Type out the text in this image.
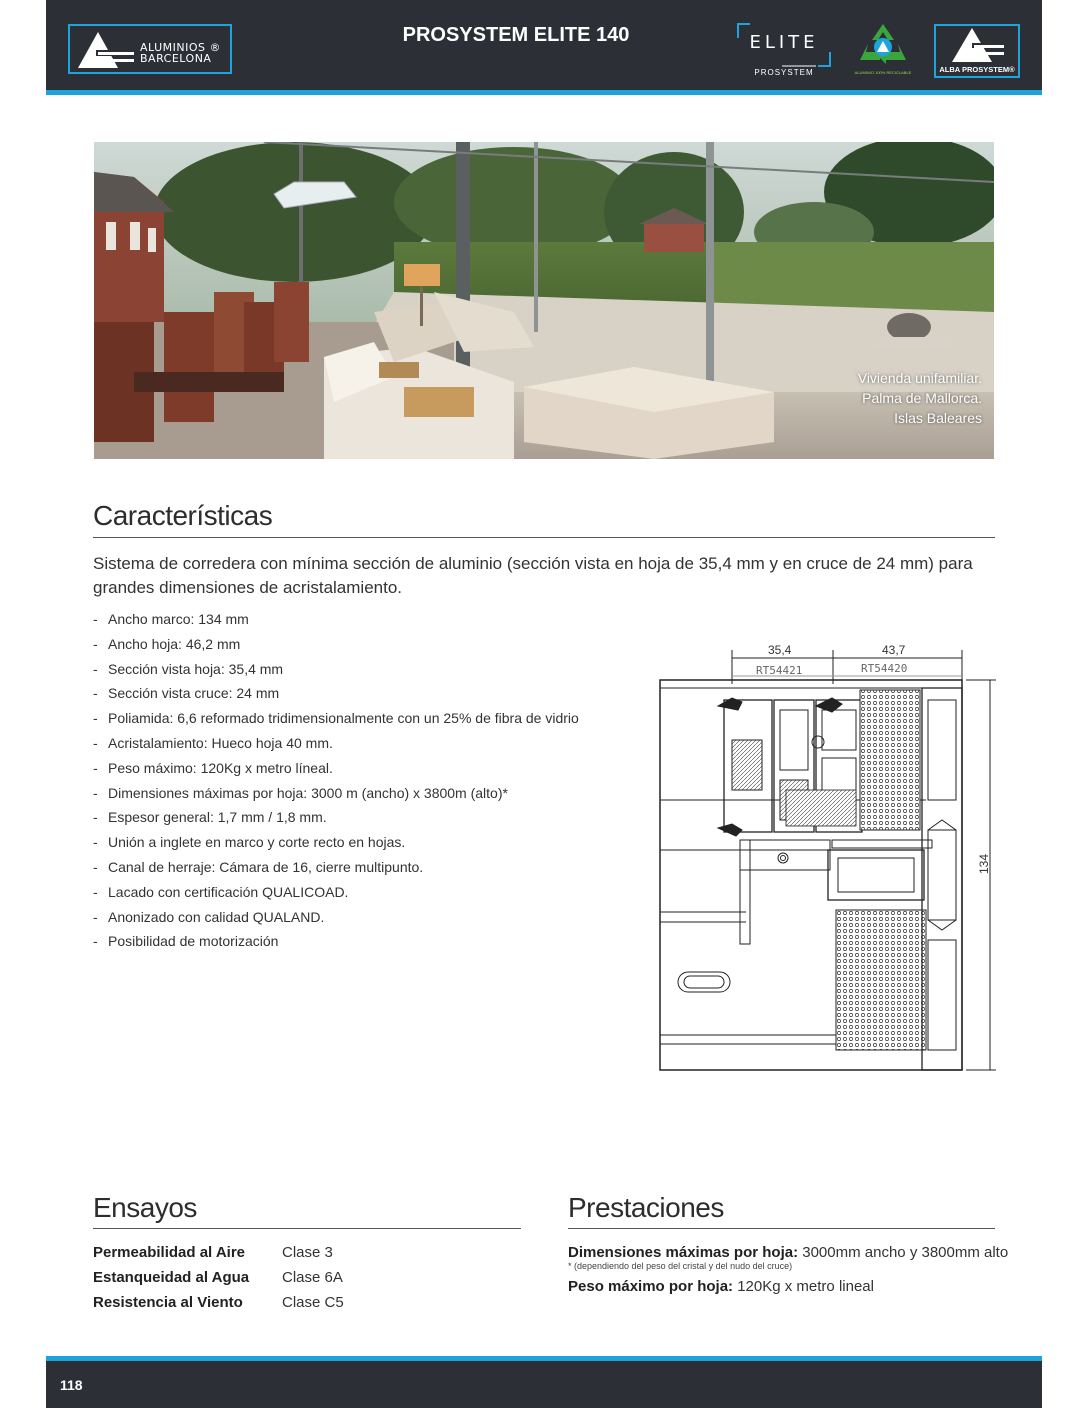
ALUMINIOS ®
BARCELONA
PROSYSTEM ELITE 140	ELITE
PROSYSTEM	ALUMINIO 100% RECICLABLE	ALBA PROSYSTEM®
Vivienda unifamiliar.
Palma de Mallorca.
Islas Baleares
Características
Sistema de corredera con mínima sección de aluminio (sección vista en hoja de 35,4 mm y en cruce de 24 mm) para grandes dimensiones de acristalamiento.
- Ancho marco: 134 mm
- Ancho hoja: 46,2 mm
- Sección vista hoja: 35,4 mm
- Sección vista cruce: 24 mm
- Poliamida: 6,6 reformado tridimensionalmente con un 25% de fibra de vidrio
- Acristalamiento: Hueco hoja 40 mm.
- Peso máximo: 120Kg x metro líneal.
- Dimensiones máximas por hoja: 3000 m (ancho) x 3800m (alto)*
- Espesor general: 1,7 mm / 1,8 mm.
- Unión a inglete en marco y corte recto en hojas.
- Canal de herraje: Cámara de 16, cierre multipunto.
- Lacado con certificación QUALICOAD.
- Anonizado con calidad QUALAND.
- Posibilidad de motorización
35,4	43,7
RT54421	RT54420
134
Ensayos
Permeabilidad al Aire Clase 3
Estanqueidad al Agua Clase 6A
Resistencia al Viento	Clase C5
Prestaciones
Dimensiones máximas por hoja: 3000mm ancho y 3800mm alto
* (dependiendo del peso del cristal y del nudo del cruce)
Peso máximo por hoja: 120Kg x metro lineal
118
